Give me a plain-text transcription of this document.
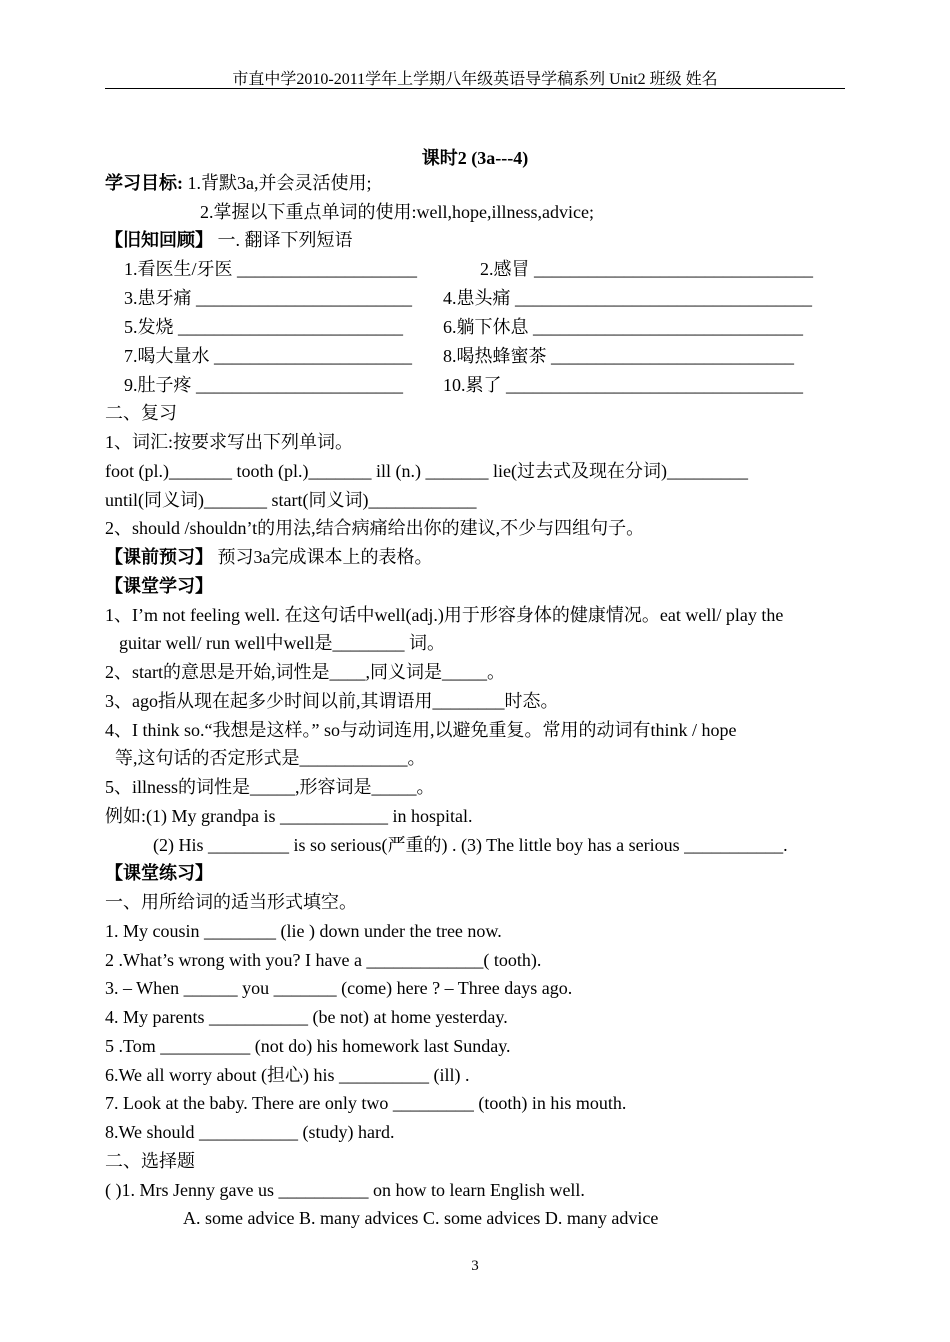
市直中学2010-2011学年上学期八年级英语导学稿系列 Unit2 班级 姓名
课时2 (3a---4)
学习目标: 1.背默3a,并会灵活使用;
2.掌握以下重点单词的使用:well,hope,illness,advice;
【旧知回顾】 一. 翻译下列短语
1.看医生/牙医 ____________________	2.感冒 _______________________________
3.患牙痛 ________________________ 4.患头痛 _________________________________
5.发烧 _________________________ 6.躺下休息 ______________________________
7.喝大量水 ______________________ 8.喝热蜂蜜茶 ___________________________
9.肚子疼 _______________________ 10.累了 _________________________________
二、复习
1、词汇:按要求写出下列单词。
foot (pl.)_______ tooth (pl.)_______ ill (n.) _______ lie(过去式及现在分词)_________
until(同义词)_______ start(同义词)____________
2、should /shouldn’t的用法,结合病痛给出你的建议,不少与四组句子。
【课前预习】 预习3a完成课本上的表格。
【课堂学习】
1、I’m not feeling well. 在这句话中well(adj.)用于形容身体的健康情况。eat well/ play the
guitar well/ run well中well是________ 词。
2、start的意思是开始,词性是____,同义词是_____。
3、ago指从现在起多少时间以前,其谓语用________时态。
4、I think so.“我想是这样。” so与动词连用,以避免重复。常用的动词有think / hope
等,这句话的否定形式是____________。
5、illness的词性是_____,形容词是_____。
例如:(1) My grandpa is ____________ in hospital.
(2) His _________ is so serious(严重的) . (3) The little boy has a serious ___________.
【课堂练习】
一、用所给词的适当形式填空。
1. My cousin ________ (lie ) down under the tree now.
2 .What’s wrong with you? I have a _____________( tooth).
3. – When ______ you _______ (come) here ? – Three days ago.
4. My parents ___________ (be not) at home yesterday.
5 .Tom __________ (not do) his homework last Sunday.
6.We all worry about (担心) his __________ (ill) .
7. Look at the baby. There are only two _________ (tooth) in his mouth.
8.We should ___________ (study) hard.
二、选择题
( )1. Mrs Jenny gave us __________ on how to learn English well.
A. some advice B. many advices C. some advices D. many advice
3
